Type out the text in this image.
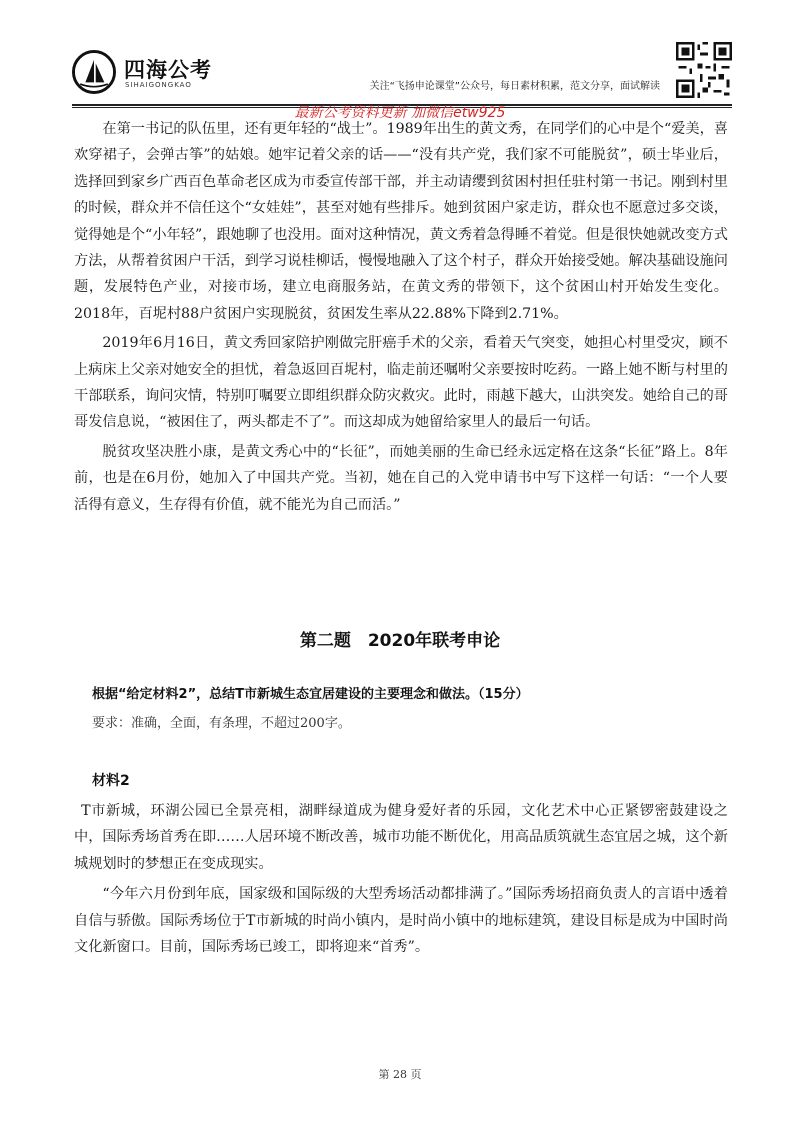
四海公考
SIHAIGONGKAO	关注“飞扬申论课堂”公众号，每日素材积累，范文分享，面试解读
最新公考资料更新 加微信etw925

在第一书记的队伍里，还有更年轻的“战士”。1989年出生的黄文秀，在同学们的心中是个“爱美，喜欢穿裙子，会弹古筝”的姑娘。她牢记着父亲的话——“没有共产党，我们家不可能脱贫”，硕士毕业后，选择回到家乡广西百色革命老区成为市委宣传部干部，并主动请缨到贫困村担任驻村第一书记。刚到村里的时候，群众并不信任这个“女娃娃”，甚至对她有些排斥。她到贫困户家走访，群众也不愿意过多交谈，觉得她是个“小年轻”，跟她聊了也没用。面对这种情况，黄文秀着急得睡不着觉。但是很快她就改变方式方法，从帮着贫困户干活，到学习说桂柳话，慢慢地融入了这个村子，群众开始接受她。解决基础设施问题，发展特色产业，对接市场，建立电商服务站，在黄文秀的带领下，这个贫困山村开始发生变化。2018年，百坭村88户贫困户实现脱贫，贫困发生率从22.88%下降到2.71%。

2019年6月16日，黄文秀回家陪护刚做完肝癌手术的父亲，看着天气突变，她担心村里受灾，顾不上病床上父亲对她安全的担忧，着急返回百坭村，临走前还嘱咐父亲要按时吃药。一路上她不断与村里的干部联系，询问灾情，特别叮嘱要立即组织群众防灾救灾。此时，雨越下越大，山洪突发。她给自己的哥哥发信息说，“被困住了，两头都走不了”。而这却成为她留给家里人的最后一句话。

脱贫攻坚决胜小康，是黄文秀心中的“长征”，而她美丽的生命已经永远定格在这条“长征”路上。8年前，也是在6月份，她加入了中国共产党。当初，她在自己的入党申请书中写下这样一句话：“一个人要活得有意义，生存得有价值，就不能光为自己而活。”

第二题　2020年联考申论
根据“给定材料2”，总结T市新城生态宜居建设的主要理念和做法。（15分）
要求：准确，全面，有条理，不超过200字。
材料2

T市新城，环湖公园已全景亮相，湖畔绿道成为健身爱好者的乐园，文化艺术中心正紧锣密鼓建设之中，国际秀场首秀在即……人居环境不断改善，城市功能不断优化，用高品质筑就生态宜居之城，这个新城规划时的梦想正在变成现实。

“今年六月份到年底，国家级和国际级的大型秀场活动都排满了。”国际秀场招商负责人的言语中透着自信与骄傲。国际秀场位于T市新城的时尚小镇内，是时尚小镇中的地标建筑，建设目标是成为中国时尚文化新窗口。目前，国际秀场已竣工，即将迎来“首秀”。

第 28 页
